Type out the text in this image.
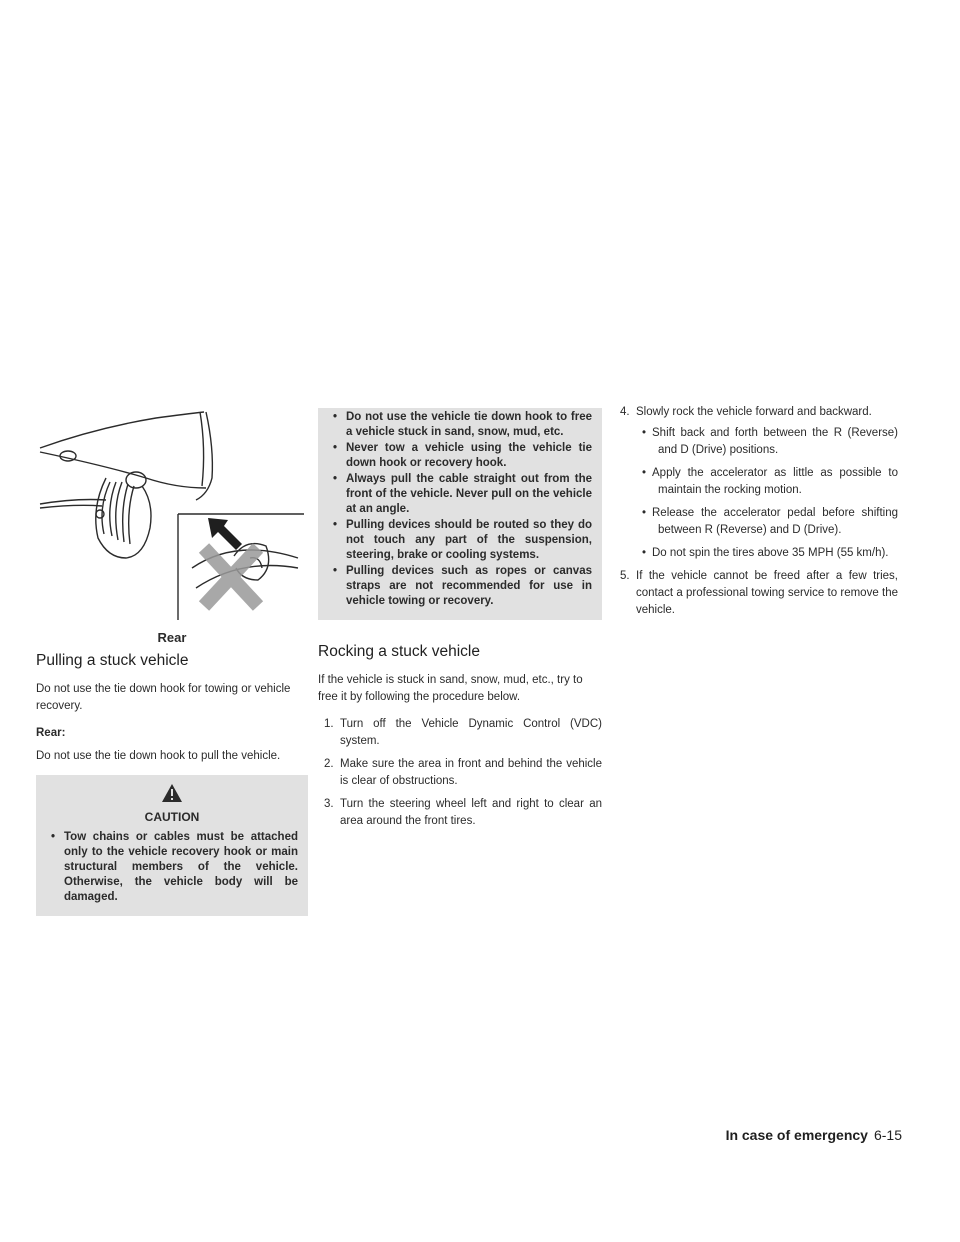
Rear
Pulling a stuck vehicle

Do not use the tie down hook for towing or vehicle recovery.

Rear:

Do not use the tie down hook to pull the vehicle.

CAUTION
• Tow chains or cables must be attached only to the vehicle recovery hook or main structural members of the vehicle. Otherwise, the vehicle body will be damaged.
• Do not use the vehicle tie down hook to free a vehicle stuck in sand, snow, mud, etc.
• Never tow a vehicle using the vehicle tie down hook or recovery hook.
• Always pull the cable straight out from the front of the vehicle. Never pull on the vehicle at an angle.
• Pulling devices should be routed so they do not touch any part of the suspension, steering, brake or cooling systems.
• Pulling devices such as ropes or canvas straps are not recommended for use in vehicle towing or recovery.
Rocking a stuck vehicle

If the vehicle is stuck in sand, snow, mud, etc., try to free it by following the procedure below.

1. Turn off the Vehicle Dynamic Control (VDC) system.
2. Make sure the area in front and behind the vehicle is clear of obstructions.
3. Turn the steering wheel left and right to clear an area around the front tires.
4. Slowly rock the vehicle forward and backward.
• Shift back and forth between the R (Reverse) and D (Drive) positions.
• Apply the accelerator as little as possible to maintain the rocking motion.
• Release the accelerator pedal before shifting between R (Reverse) and D (Drive).
• Do not spin the tires above 35 MPH (55 km/h).
5. If the vehicle cannot be freed after a few tries, contact a professional towing service to remove the vehicle.
In case of emergency 6-15
